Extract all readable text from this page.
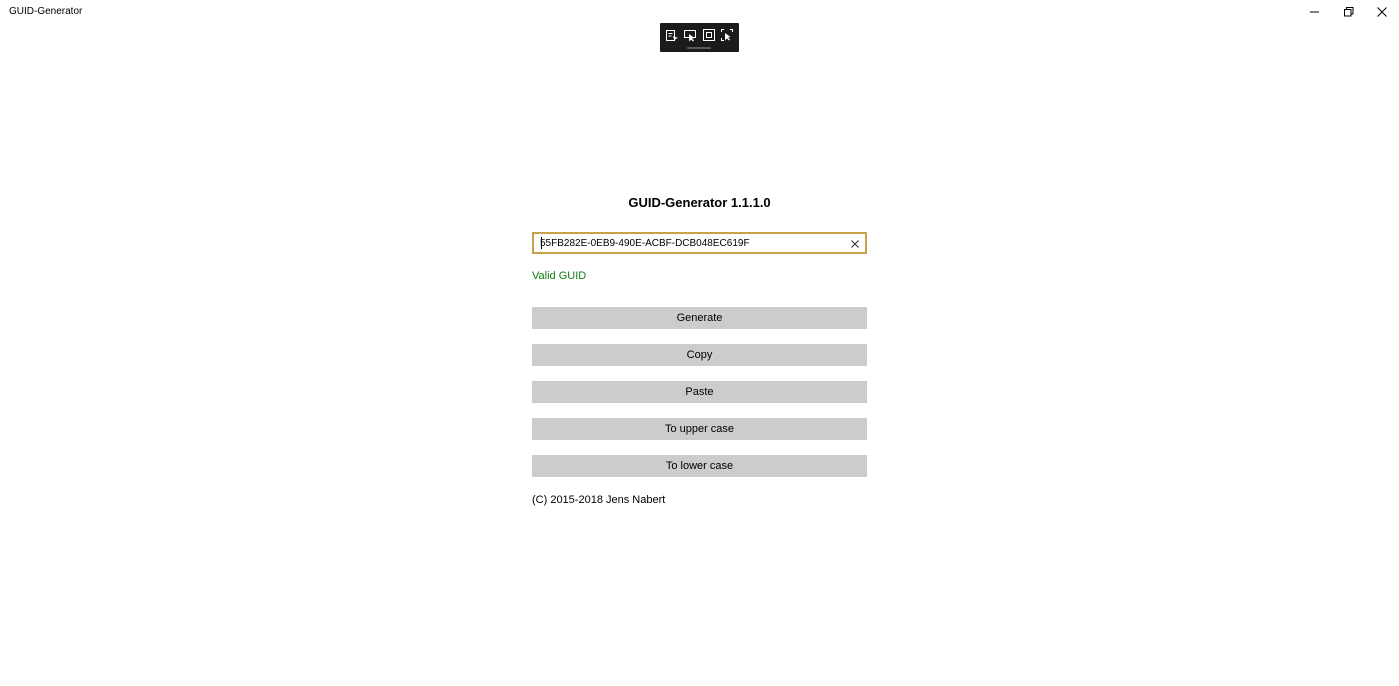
GUID-Generator
GUID-Generator 1.1.1.0
55FB282E-0EB9-490E-ACBF-DCB048EC619F
Valid GUID
Generate
Copy
Paste
To upper case
To lower case
(C) 2015-2018 Jens Nabert
